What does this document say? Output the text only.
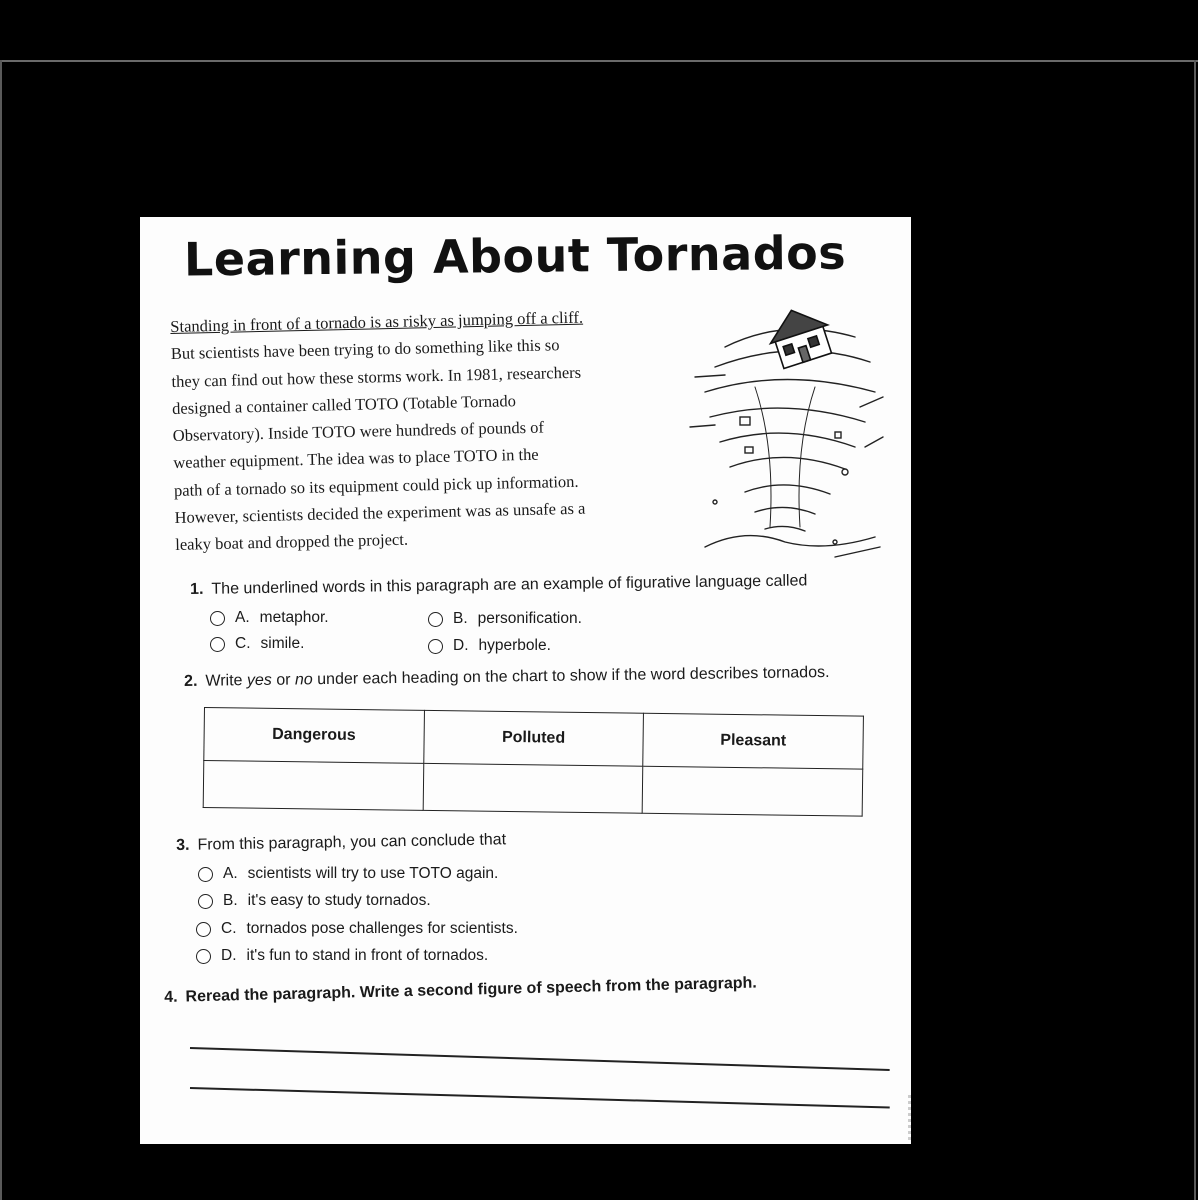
Learning About Tornados
Standing in front of a tornado is as risky as jumping off a cliff.
But scientists have been trying to do something like this so
they can find out how these storms work. In 1981, researchers
designed a container called TOTO (Totable Tornado
Observatory). Inside TOTO were hundreds of pounds of
weather equipment. The idea was to place TOTO in the
path of a tornado so its equipment could pick up information.
However, scientists decided the experiment was as unsafe as a
leaky boat and dropped the project.
1. The underlined words in this paragraph are an example of figurative language called
A. metaphor.	B. personification.
C. simile.	D. hyperbole.
2. Write yes or no under each heading on the chart to show if the word describes tornados.
Dangerous	Polluted	Pleasant

3. From this paragraph, you can conclude that
A. scientists will try to use TOTO again.
B. it's easy to study tornados.
C. tornados pose challenges for scientists.
D. it's fun to stand in front of tornados.
4. Reread the paragraph. Write a second figure of speech from the paragraph.
